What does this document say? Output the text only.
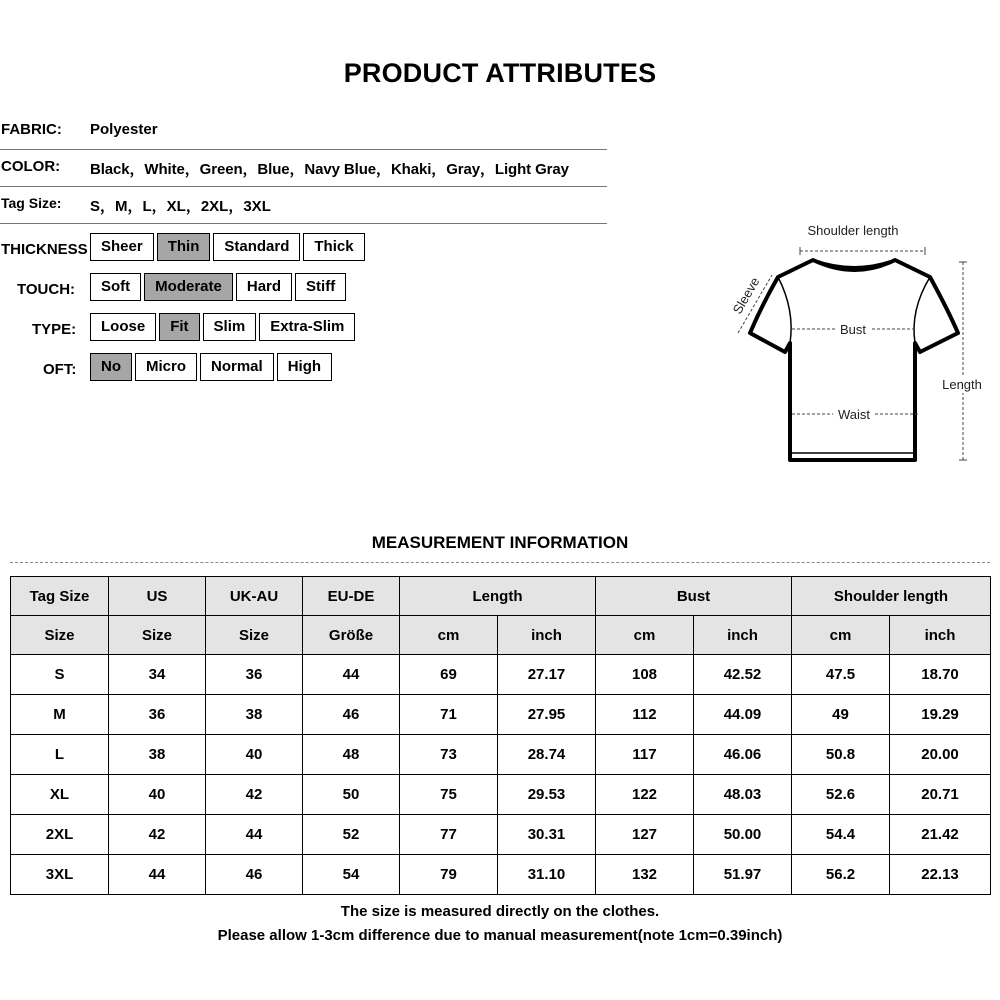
PRODUCT ATTRIBUTES
FABRIC: Polyester
COLOR: Black，White，Green，Blue，Navy Blue，Khaki，Gray，Light Gray
Tag Size: S，M，L，XL，2XL，3XL
THICKNESS Sheer	Thin	Standard	Thick
TOUCH:	Soft	Moderate	Hard	Stiff
TYPE:	Loose	Fit	Slim	Extra-Slim
OFT:	No	Micro	Normal	High
Shoulder length
Sleeve
Bust
Waist
Length
MEASUREMENT INFORMATION
Tag Size	US	UK-AU	EU-DE	Length		Bust		Shoulder length	
Size	Size	Size	Größe	cm	inch	cm	inch	cm	inch
S	34	36	44	69	27.17	108	42.52	47.5	18.70
M	36	38	46	71	27.95	112	44.09	49	19.29
L	38	40	48	73	28.74	117	46.06	50.8	20.00
XL	40	42	50	75	29.53	122	48.03	52.6	20.71
2XL	42	44	52	77	30.31	127	50.00	54.4	21.42
3XL	44	46	54	79	31.10	132	51.97	56.2	22.13
The size is measured directly on the clothes.
Please allow 1-3cm difference due to manual measurement(note 1cm=0.39inch)
